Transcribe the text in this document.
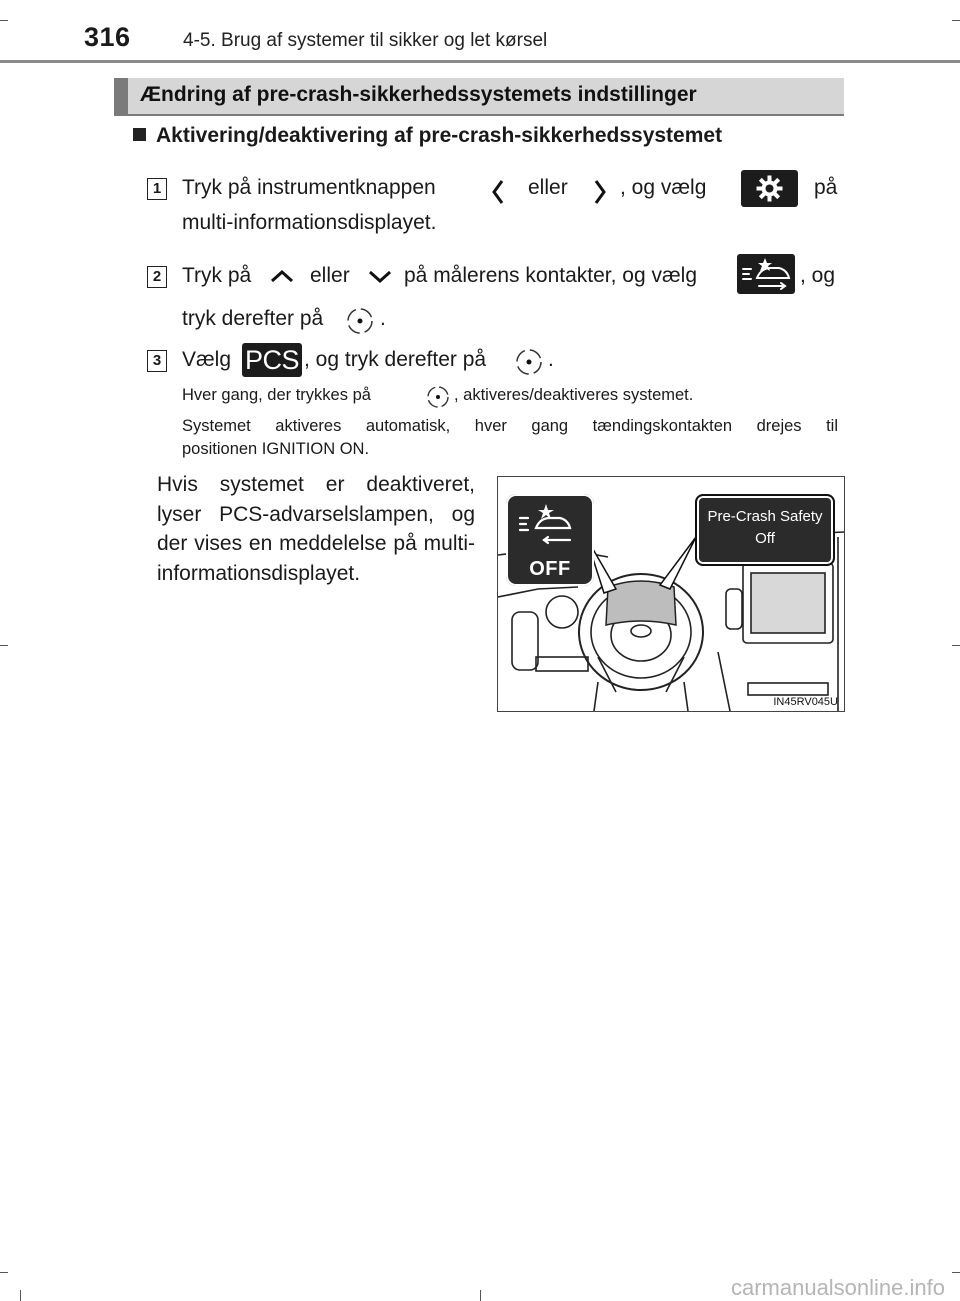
316	4-5. Brug af systemer til sikker og let kørsel
Ændring af pre-crash-sikkerhedssystemets indstillinger
Aktivering/deaktivering af pre-crash-sikkerhedssystemet
1 Tryk på instrumentknappen	eller , og vælg	på
multi-informationsdisplayet.
2 Tryk på	eller	på målerens kontakter, og vælg	, og
tryk derefter på	.
3 Vælg PCS , og tryk derefter på	.
Hver gang, der trykkes på	, aktiveres/deaktiveres systemet.
Systemet aktiveres automatisk, hver gang tændingskontakten drejes til
positionen IGNITION ON.
Hvis systemet er deaktiveret, lyser PCS-advarselslampen, og der vises en meddelelse på multi-informationsdisplayet.	OFF
Pre-Crash Safety
Off
IN45RV045U
carmanualsonline.info
